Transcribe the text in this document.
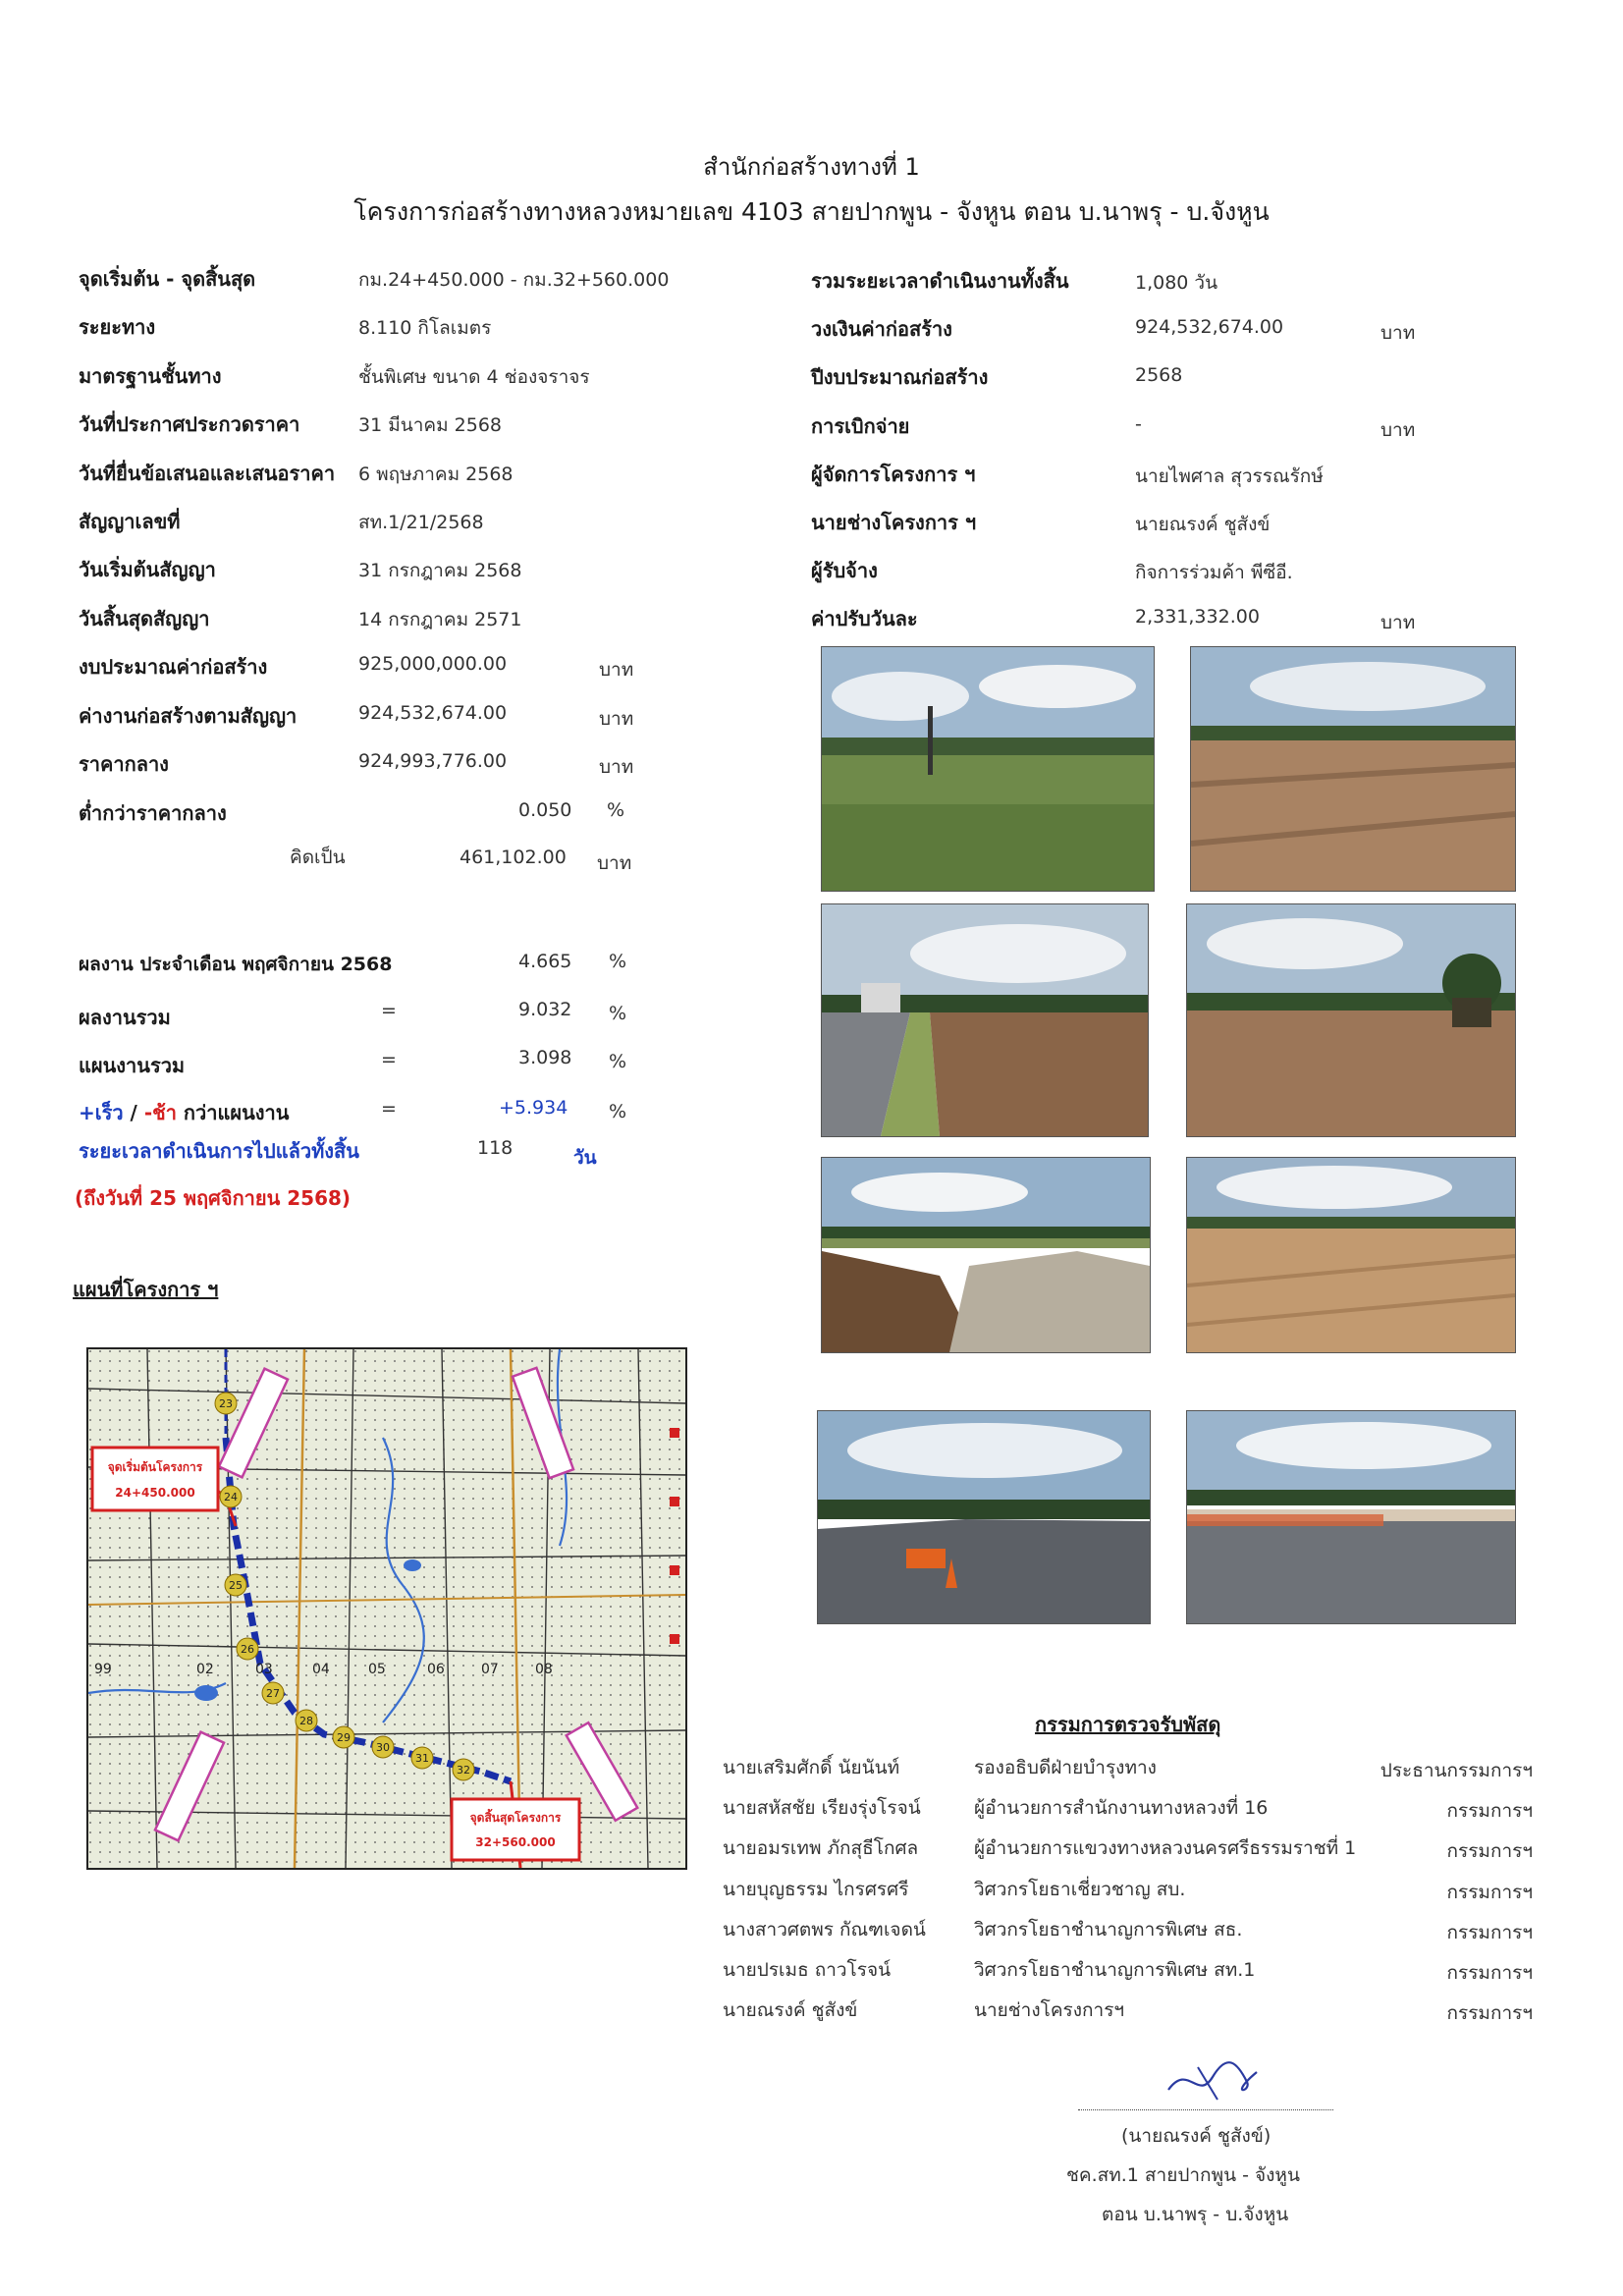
สำนักก่อสร้างทางที่ 1
โครงการก่อสร้างทางหลวงหมายเลข 4103 สายปากพูน - จังหูน ตอน บ.นาพรุ - บ.จังหูน
จุดเริ่มต้น - จุดสิ้นสุด	กม.24+450.000 - กม.32+560.000
ระยะทาง	8.110 กิโลเมตร
มาตรฐานชั้นทาง	ชั้นพิเศษ ขนาด 4 ช่องจราจร
วันที่ประกาศประกวดราคา	31 มีนาคม 2568
วันที่ยื่นข้อเสนอและเสนอราคา 6 พฤษภาคม 2568
สัญญาเลขที่	สท.1/21/2568
วันเริ่มต้นสัญญา	31 กรกฎาคม 2568
วันสิ้นสุดสัญญา	14 กรกฎาคม 2571
งบประมาณค่าก่อสร้าง	925,000,000.00	บาท
ค่างานก่อสร้างตามสัญญา	924,532,674.00	บาท
ราคากลาง	924,993,776.00	บาท
ต่ำกว่าราคากลาง	0.050 %
คิดเป็น	461,102.00 บาท
รวมระยะเวลาดำเนินงานทั้งสิ้น	1,080 วัน
วงเงินค่าก่อสร้าง	924,532,674.00	บาท
ปีงบประมาณก่อสร้าง	2568
การเบิกจ่าย	-	บาท
ผู้จัดการโครงการ ฯ	นายไพศาล สุวรรณรักษ์
นายช่างโครงการ ฯ	นายณรงค์ ชูสังข์
ผู้รับจ้าง	กิจการร่วมค้า พีซีอี.
ค่าปรับวันละ	2,331,332.00	บาท
ผลงาน ประจำเดือน พฤศจิกายน 2568	4.665 %
ผลงานรวม	=	9.032 %
แผนงานรวม	=	3.098 %
+เร็ว / -ช้า กว่าแผนงาน	=	+5.934 %
ระยะเวลาดำเนินการไปแล้วทั้งสิ้น	118	วัน
(ถึงวันที่ 25 พฤศจิกายน 2568)
แผนที่โครงการ ฯ
23
24
25
26
27
28
29
30
31
32
99	02	03	04	05	06	07	08
จุดเริ่มต้นโครงการ
24+450.000
จุดสิ้นสุดโครงการ
32+560.000
กรรมการตรวจรับพัสดุ
นายเสริมศักดิ์ นัยนันท์	รองอธิบดีฝ่ายบำรุงทาง	ประธานกรรมการฯ
นายสหัสชัย เรียงรุ่งโรจน์	ผู้อำนวยการสำนักงานทางหลวงที่ 16	กรรมการฯ
นายอมรเทพ ภักสุธีโกศล	ผู้อำนวยการแขวงทางหลวงนครศรีธรรมราชที่ 1	กรรมการฯ
นายบุญธรรม ไกรศรศรี	วิศวกรโยธาเชี่ยวชาญ สบ.	กรรมการฯ
นางสาวศตพร กัณฑเจดน์	วิศวกรโยธาชำนาญการพิเศษ สธ.	กรรมการฯ
นายปรเมธ ถาวโรจน์	วิศวกรโยธาชำนาญการพิเศษ สท.1	กรรมการฯ
นายณรงค์ ชูสังข์	นายช่างโครงการฯ	กรรมการฯ
(นายณรงค์ ชูสังข์)
ชค.สท.1 สายปากพูน - จังหูน
ตอน บ.นาพรุ - บ.จังหูน
